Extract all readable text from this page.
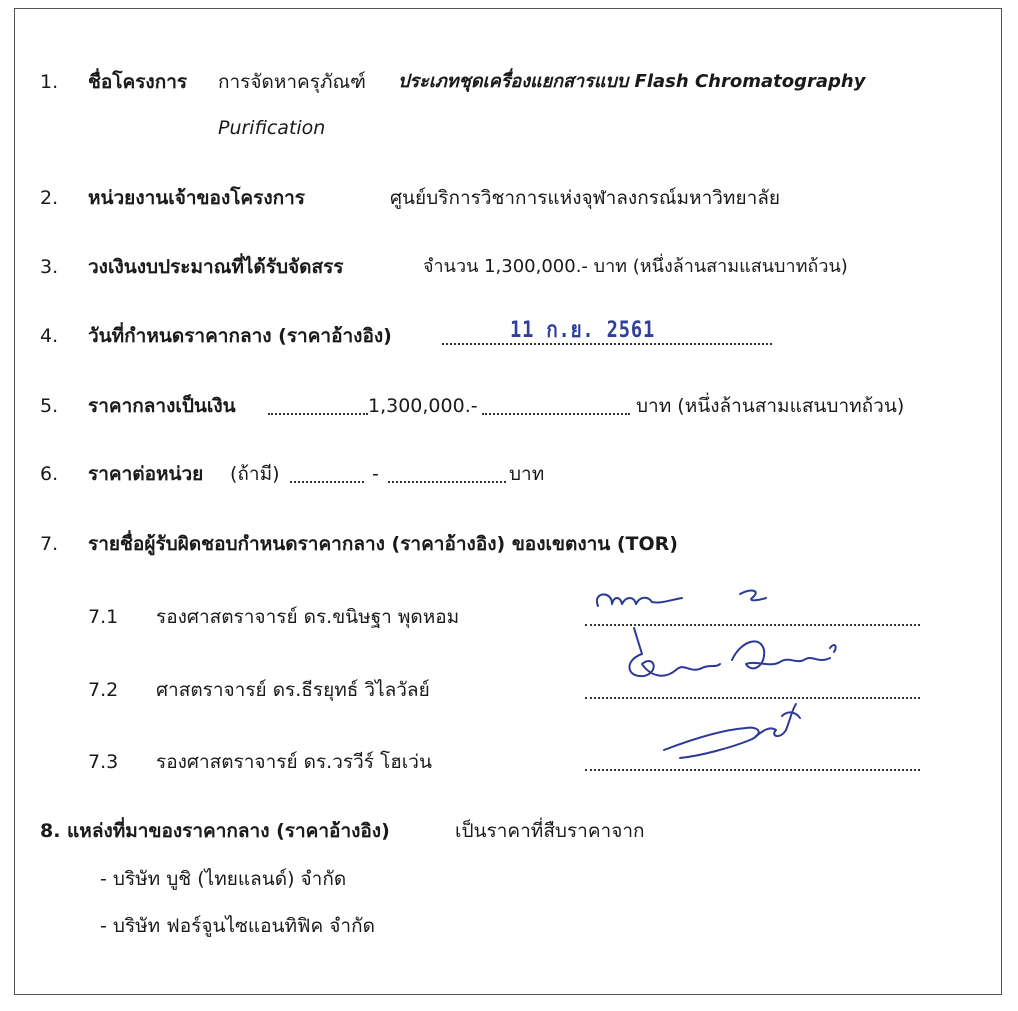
1. ชื่อโครงการ การจัดหาครุภัณฑ์ ประเภทชุดเครื่องแยกสารแบบ Flash Chromatography
Purification
2. หน่วยงานเจ้าของโครงการ	ศูนย์บริการวิชาการแห่งจุฬาลงกรณ์มหาวิทยาลัย
3. วงเงินงบประมาณที่ได้รับจัดสรร	จำนวน 1,300,000.- บาท (หนึ่งล้านสามแสนบาทถ้วน)
4. วันที่กำหนดราคากลาง (ราคาอ้างอิง)	11 ก.ย. 2561
5. ราคากลางเป็นเงิน	1,300,000.-	บาท (หนึ่งล้านสามแสนบาทถ้วน)
6. ราคาต่อหน่วย (ถ้ามี)	-	บาท
7. รายชื่อผู้รับผิดชอบกำหนดราคากลาง (ราคาอ้างอิง) ของเขตงาน (TOR)
7.1 รองศาสตราจารย์ ดร.ขนิษฐา พุดหอม
7.2 ศาสตราจารย์ ดร.ธีรยุทธ์ วิไลวัลย์
7.3 รองศาสตราจารย์ ดร.วรวีร์ โฮเว่น
8. แหล่งที่มาของราคากลาง (ราคาอ้างอิง)	เป็นราคาที่สืบราคาจาก
- บริษัท บูชิ (ไทยแลนด์) จำกัด
- บริษัท ฟอร์จูนไซแอนทิฟิค จำกัด
